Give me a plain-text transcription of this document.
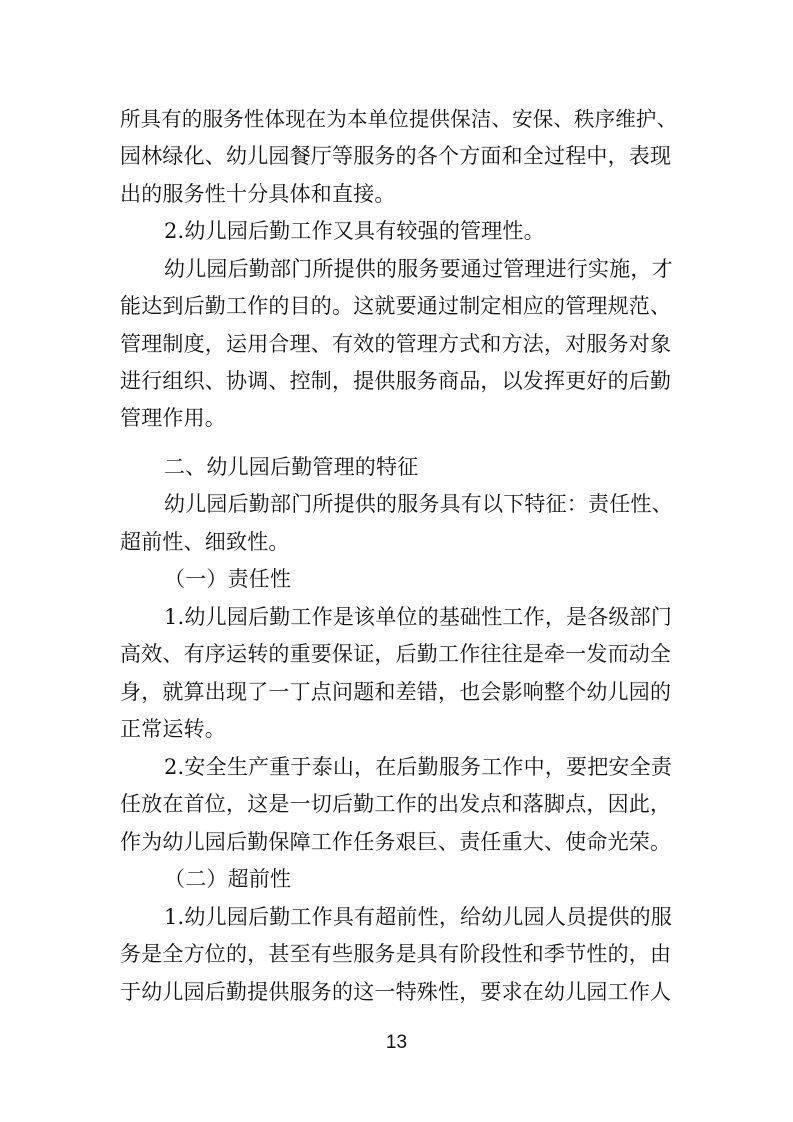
所具有的服务性体现在为本单位提供保洁、安保、秩序维护、
园林绿化、幼儿园餐厅等服务的各个方面和全过程中，表现
出的服务性十分具体和直接。
2.幼儿园后勤工作又具有较强的管理性。
幼儿园后勤部门所提供的服务要通过管理进行实施，才
能达到后勤工作的目的。这就要通过制定相应的管理规范、
管理制度，运用合理、有效的管理方式和方法，对服务对象
进行组织、协调、控制，提供服务商品，以发挥更好的后勤
管理作用。
二、幼儿园后勤管理的特征
幼儿园后勤部门所提供的服务具有以下特征：责任性、
超前性、细致性。
（一）责任性
1.幼儿园后勤工作是该单位的基础性工作，是各级部门
高效、有序运转的重要保证，后勤工作往往是牵一发而动全
身，就算出现了一丁点问题和差错，也会影响整个幼儿园的
正常运转。
2.安全生产重于泰山，在后勤服务工作中，要把安全责
任放在首位，这是一切后勤工作的出发点和落脚点，因此，
作为幼儿园后勤保障工作任务艰巨、责任重大、使命光荣。
（二）超前性
1.幼儿园后勤工作具有超前性，给幼儿园人员提供的服
务是全方位的，甚至有些服务是具有阶段性和季节性的，由
于幼儿园后勤提供服务的这一特殊性，要求在幼儿园工作人
13
